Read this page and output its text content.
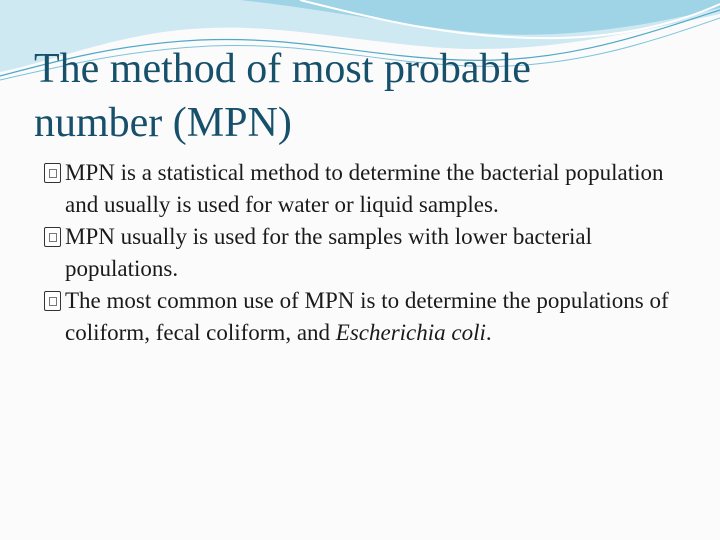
The method of most probable
number (MPN)
MPN is a statistical method to determine the bacterial population and usually is used for water or liquid samples.
MPN usually is used for the samples with lower bacterial populations.
The most common use of MPN is to determine the populations of coliform, fecal coliform, and Escherichia coli.
